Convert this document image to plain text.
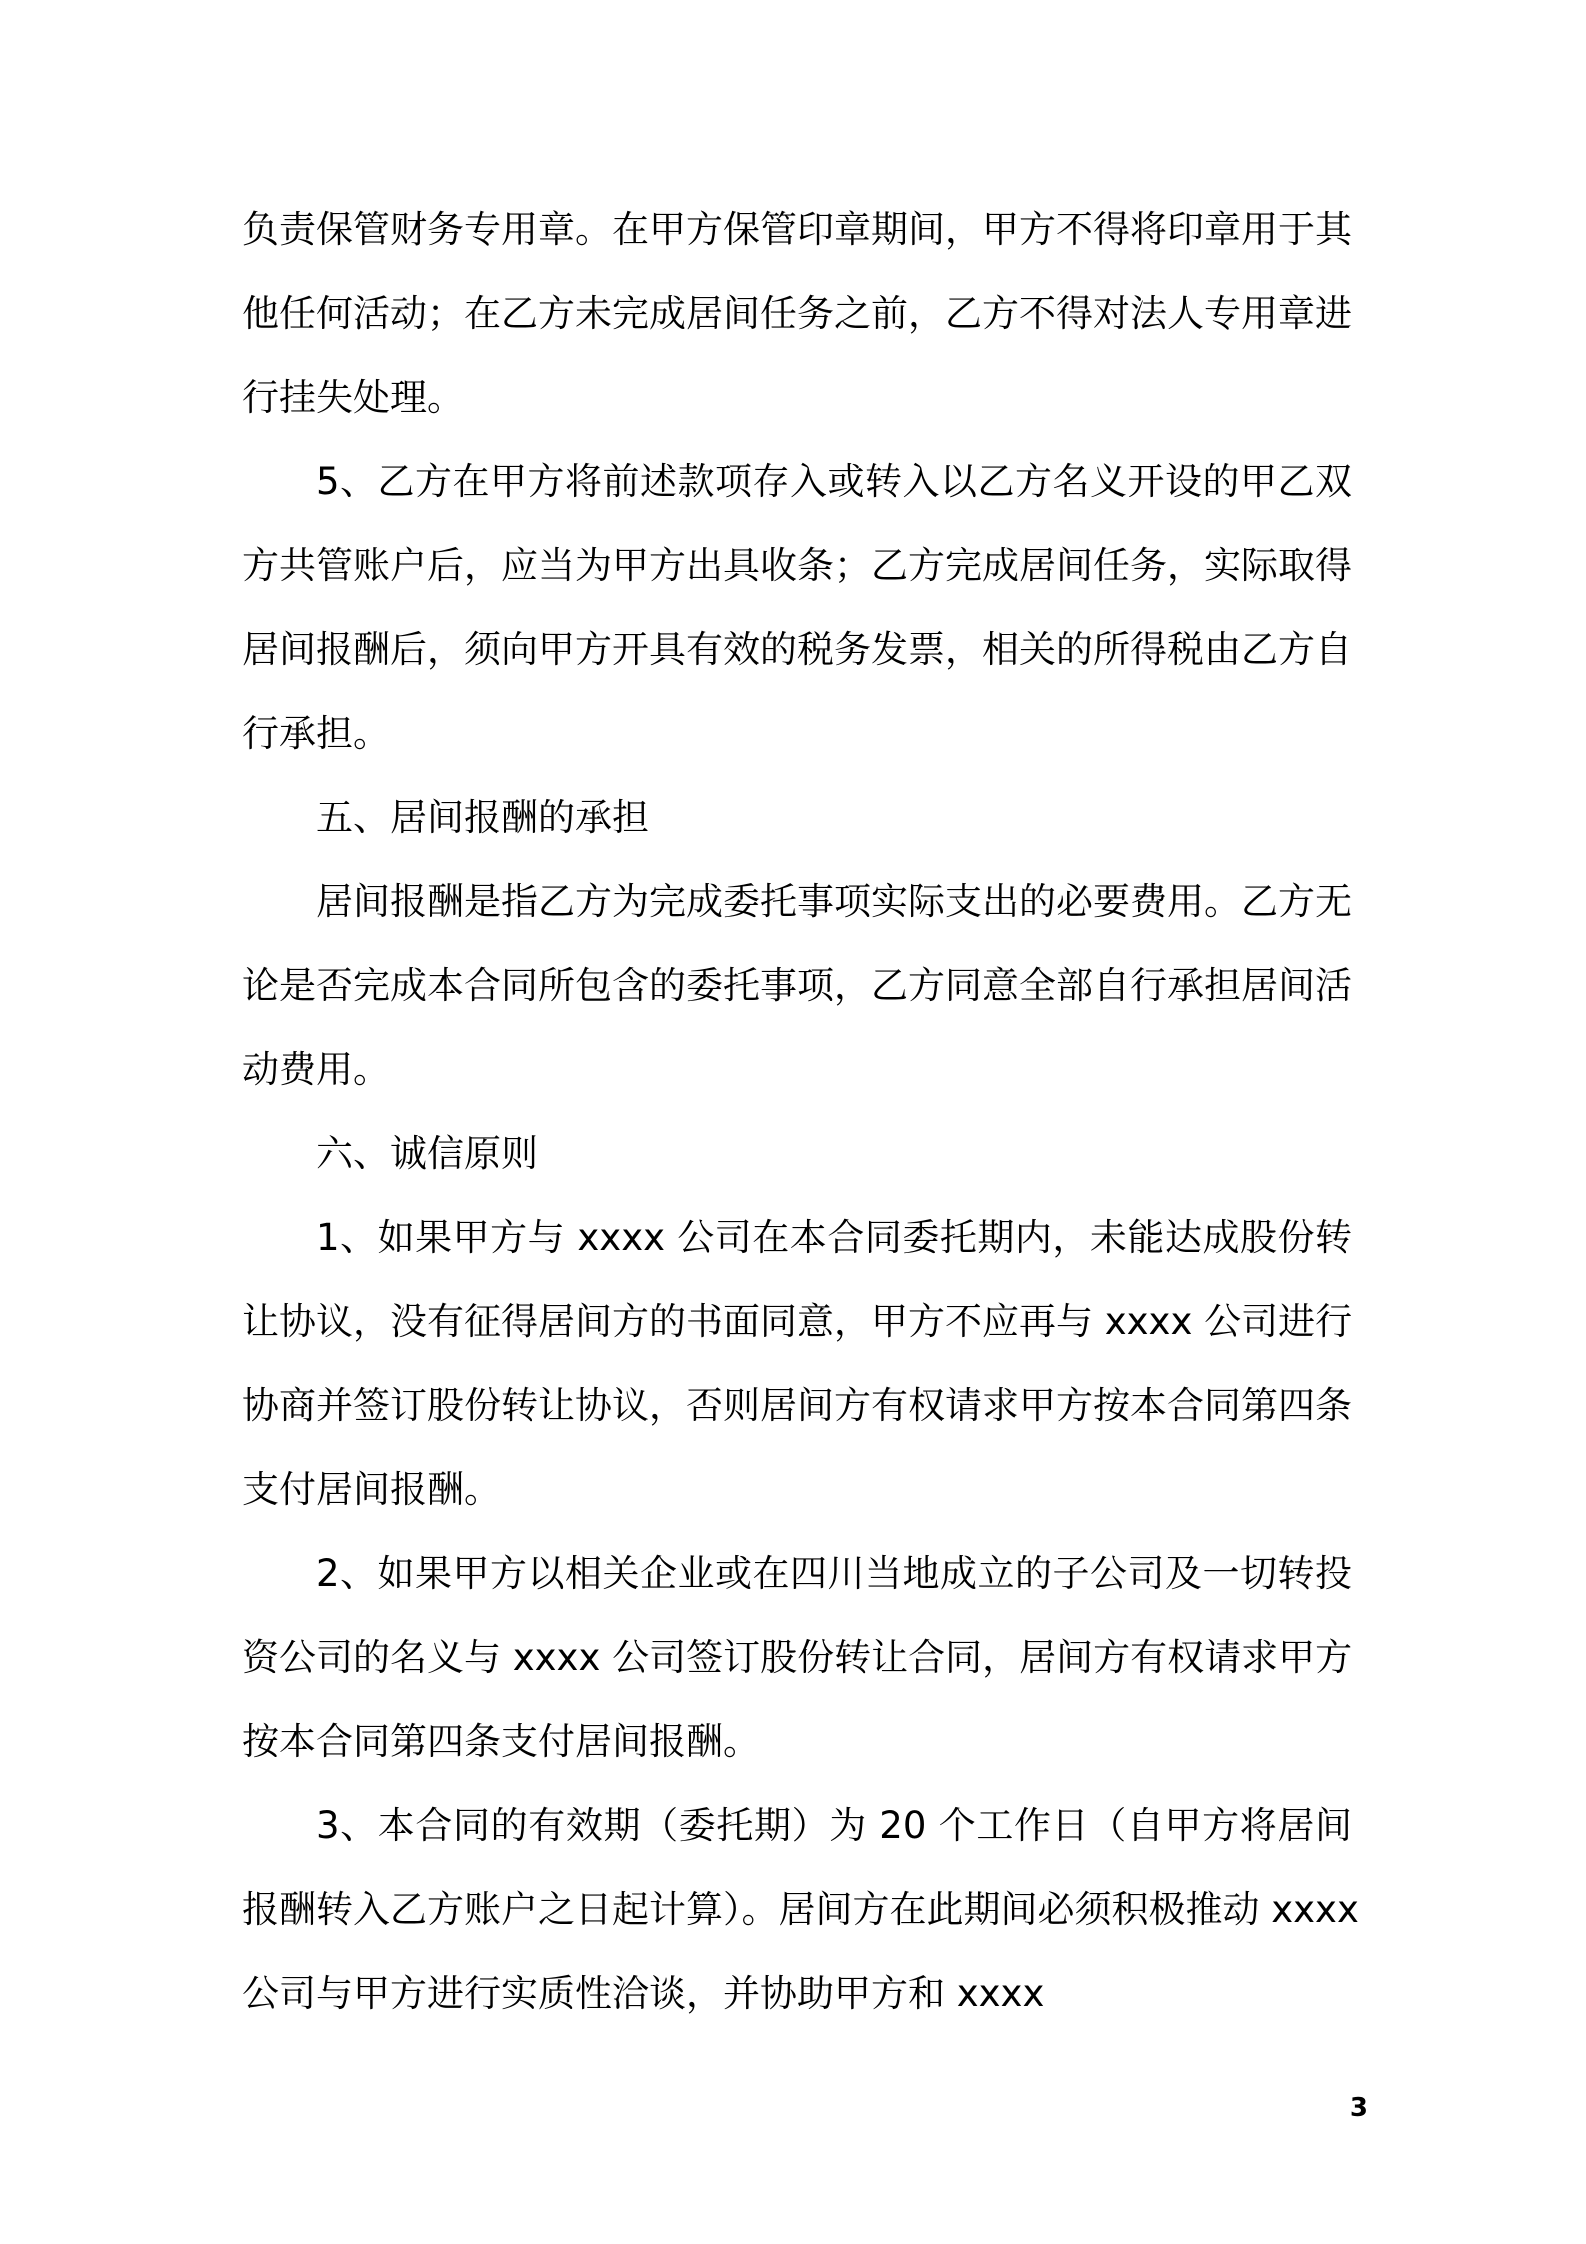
负责保管财务专用章。在甲方保管印章期间，甲方不得将印章用于其
他任何活动；在乙方未完成居间任务之前，乙方不得对法人专用章进
行挂失处理。
5、乙方在甲方将前述款项存入或转入以乙方名义开设的甲乙双
方共管账户后，应当为甲方出具收条；乙方完成居间任务，实际取得
居间报酬后，须向甲方开具有效的税务发票，相关的所得税由乙方自
行承担。
五、居间报酬的承担
居间报酬是指乙方为完成委托事项实际支出的必要费用。乙方无
论是否完成本合同所包含的委托事项，乙方同意全部自行承担居间活
动费用。
六、诚信原则
1、如果甲方与 xxxx 公司在本合同委托期内，未能达成股份转
让协议，没有征得居间方的书面同意，甲方不应再与 xxxx 公司进行
协商并签订股份转让协议，否则居间方有权请求甲方按本合同第四条
支付居间报酬。
2、如果甲方以相关企业或在四川当地成立的子公司及一切转投
资公司的名义与 xxxx 公司签订股份转让合同，居间方有权请求甲方
按本合同第四条支付居间报酬。
3、本合同的有效期（委托期）为 20 个工作日（自甲方将居间
报酬转入乙方账户之日起计算）。居间方在此期间必须积极推动 xxxx
公司与甲方进行实质性洽谈，并协助甲方和 xxxx
3
